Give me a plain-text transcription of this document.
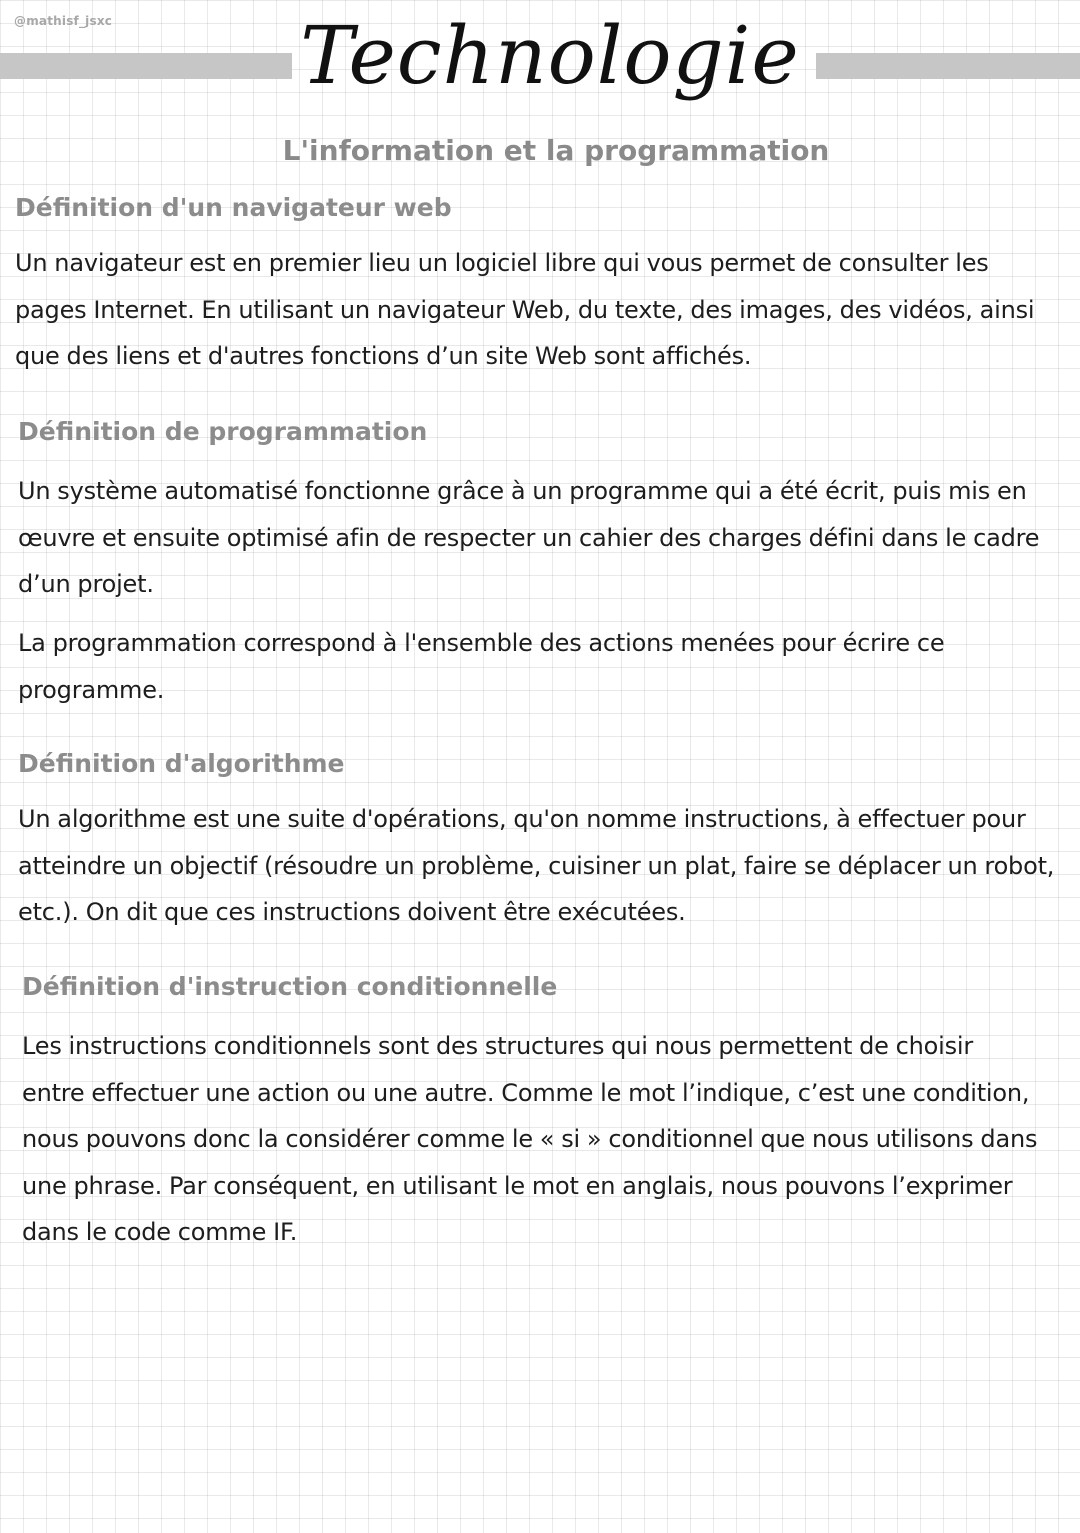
@mathisf_jsxc	Technologie
L'information et la programmation
Définition d'un navigateur web

Un navigateur est en premier lieu un logiciel libre qui vous permet de consulter les pages Internet. En utilisant un navigateur Web, du texte, des images, des vidéos, ainsi que des liens et d'autres fonctions d’un site Web sont affichés.

Définition de programmation

Un système automatisé fonctionne grâce à un programme qui a été écrit, puis mis en œuvre et ensuite optimisé afin de respecter un cahier des charges défini dans le cadre d’un projet.

La programmation correspond à l'ensemble des actions menées pour écrire ce programme.

Définition d'algorithme

Un algorithme est une suite d'opérations, qu'on nomme instructions, à effectuer pour atteindre un objectif (résoudre un problème, cuisiner un plat, faire se déplacer un robot, etc.). On dit que ces instructions doivent être exécutées.

Définition d'instruction conditionnelle

Les instructions conditionnels sont des structures qui nous permettent de choisir entre effectuer une action ou une autre. Comme le mot l’indique, c’est une condition, nous pouvons donc la considérer comme le « si » conditionnel que nous utilisons dans une phrase. Par conséquent, en utilisant le mot en anglais, nous pouvons l’exprimer dans le code comme IF.
